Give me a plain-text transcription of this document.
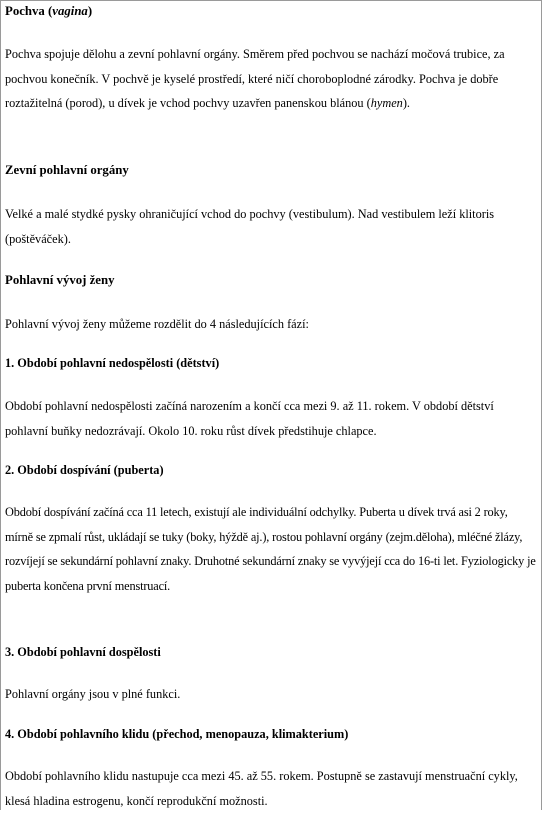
Pochva (vagina)

Pochva spojuje dělohu a zevní pohlavní orgány. Směrem před pochvou se nachází močová trubice, za pochvou konečník. V pochvě je kyselé prostředí, které ničí choroboplodné zárodky. Pochva je dobře roztažitelná (porod), u dívek je vchod pochvy uzavřen panenskou blánou (hymen).

Zevní pohlavní orgány

Velké a malé stydké pysky ohraničující vchod do pochvy (vestibulum). Nad vestibulem leží klitoris (poštěváček).

Pohlavní vývoj ženy

Pohlavní vývoj ženy můžeme rozdělit do 4 následujících fází:

1. Období pohlavní nedospělosti (dětství)

Období pohlavní nedospělosti začíná narozením a končí cca mezi 9. až 11. rokem. V období dětství pohlavní buňky nedozrávají. Okolo 10. roku růst dívek předstihuje chlapce.

2. Období dospívání (puberta)

Období dospívání začíná cca 11 letech, existují ale individuální odchylky. Puberta u dívek trvá asi 2 roky, mírně se zpmalí růst, ukládají se tuky (boky, hýždě aj.), rostou pohlavní orgány (zejm.děloha), mléčné žlázy, rozvíjejí se sekundární pohlavní znaky. Druhotné sekundární znaky se vyvýjejí cca do 16-ti let. Fyziologicky je puberta končena první menstruací.

3. Období pohlavní dospělosti

Pohlavní orgány jsou v plné funkci.

4. Období pohlavního klidu (přechod, menopauza, klimakterium)

Období pohlavního klidu nastupuje cca mezi 45. až 55. rokem. Postupně se zastavují menstruační cykly, klesá hladina estrogenu, končí reprodukční možnosti.
